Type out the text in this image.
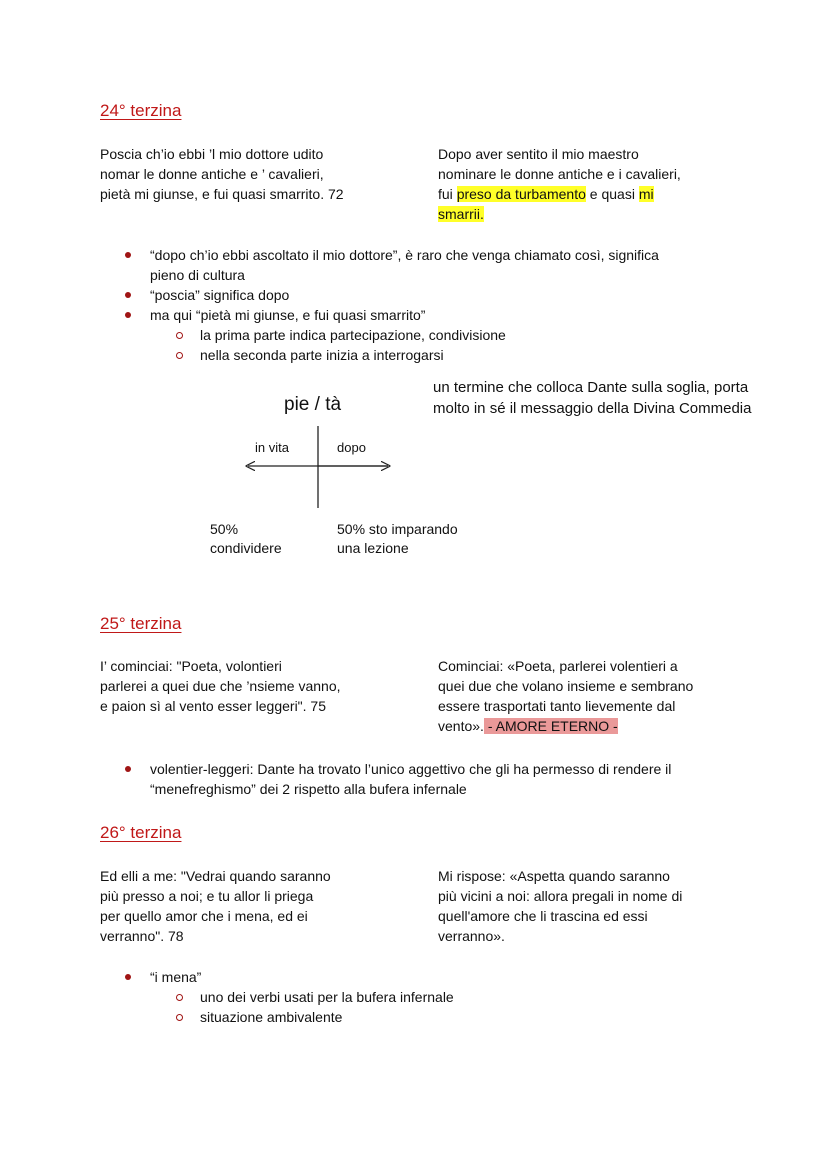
24° terzina
Poscia ch’io ebbi ’l mio dottore udito
nomar le donne antiche e ’ cavalieri,
pietà mi giunse, e fui quasi smarrito. 72
Dopo aver sentito il mio maestro
nominare le donne antiche e i cavalieri,
fui preso da turbamento e quasi mi
smarrii.
“dopo ch’io ebbi ascoltato il mio dottore”, è raro che venga chiamato così, significa
pieno di cultura
“poscia” significa dopo
ma qui “pietà mi giunse, e fui quasi smarrito”
la prima parte indica partecipazione, condivisione
nella seconda parte inizia a interrogarsi
pie / tà
in vita	dopo
50%
condividere
50% sto imparando
una lezione
un termine che colloca Dante sulla soglia, porta
molto in sé il messaggio della Divina Commedia
25° terzina
I’ cominciai: "Poeta, volontieri
parlerei a quei due che ’nsieme vanno,
e paion sì al vento esser leggeri". 75
Cominciai: «Poeta, parlerei volentieri a
quei due che volano insieme e sembrano
essere trasportati tanto lievemente dal
vento». - AMORE ETERNO -
volentier-leggeri: Dante ha trovato l’unico aggettivo che gli ha permesso di rendere il
“menefreghismo” dei 2 rispetto alla bufera infernale
26° terzina
Ed elli a me: "Vedrai quando saranno
più presso a noi; e tu allor li priega
per quello amor che i mena, ed ei
verranno". 78
Mi rispose: «Aspetta quando saranno
più vicini a noi: allora pregali in nome di
quell'amore che li trascina ed essi
verranno».
“i mena”
uno dei verbi usati per la bufera infernale
situazione ambivalente
